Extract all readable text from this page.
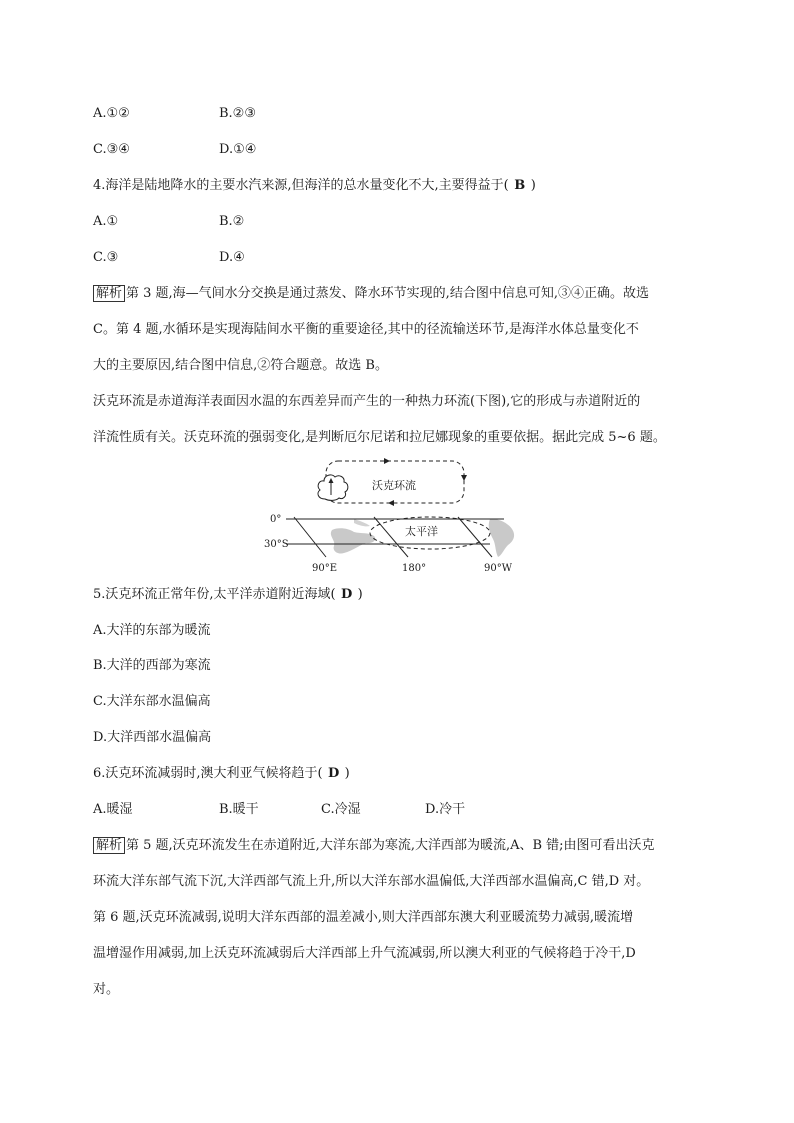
A.①②	B.②③
C.③④	D.①④
4.海洋是陆地降水的主要水汽来源,但海洋的总水量变化不大,主要得益于( B )
A.①	B.②
C.③	D.④
解析 第 3 题,海—气间水分交换是通过蒸发、降水环节实现的,结合图中信息可知,③④正确。故选
C。第 4 题,水循环是实现海陆间水平衡的重要途径,其中的径流输送环节,是海洋水体总量变化不
大的主要原因,结合图中信息,②符合题意。故选 B。
沃克环流是赤道海洋表面因水温的东西差异而产生的一种热力环流(下图),它的形成与赤道附近的
洋流性质有关。沃克环流的强弱变化,是判断厄尔尼诺和拉尼娜现象的重要依据。据此完成 5~6 题。
沃克环流
太平洋
0°
30°S
90°E	180°	90°W
5.沃克环流正常年份,太平洋赤道附近海域( D )
A.大洋的东部为暖流
B.大洋的西部为寒流
C.大洋东部水温偏高
D.大洋西部水温偏高
6.沃克环流减弱时,澳大利亚气候将趋于( D )
A.暖湿	B.暖干	C.冷湿	D.冷干
解析 第 5 题,沃克环流发生在赤道附近,大洋东部为寒流,大洋西部为暖流,A、B 错;由图可看出沃克
环流大洋东部气流下沉,大洋西部气流上升,所以大洋东部水温偏低,大洋西部水温偏高,C 错,D 对。
第 6 题,沃克环流减弱,说明大洋东西部的温差减小,则大洋西部东澳大利亚暖流势力减弱,暖流增
温增湿作用减弱,加上沃克环流减弱后大洋西部上升气流减弱,所以澳大利亚的气候将趋于冷干,D
对。
